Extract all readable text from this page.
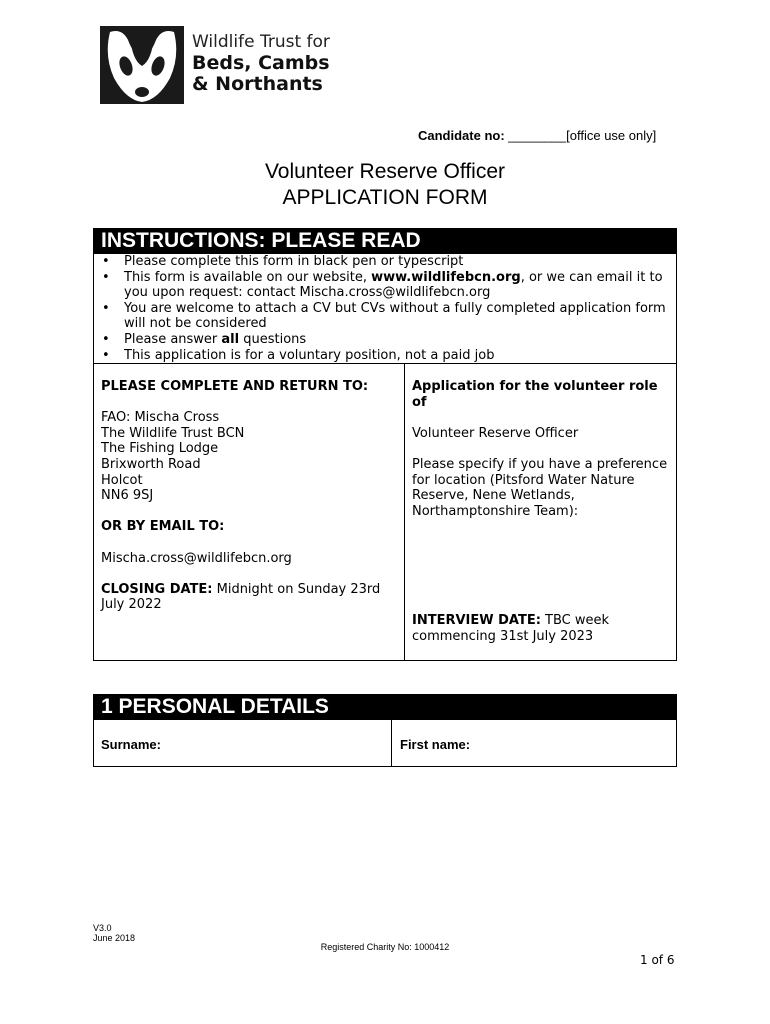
Wildlife Trust for
Beds, Cambs
& Northants
Candidate no: ________[office use only]
Volunteer Reserve Officer
APPLICATION FORM
INSTRUCTIONS: PLEASE READ
• Please complete this form in black pen or typescript
• This form is available on our website, www.wildlifebcn.org, or we can email it to you upon request: contact Mischa.cross@wildlifebcn.org
• You are welcome to attach a CV but CVs without a fully completed application form will not be considered
• Please answer all questions
• This application is for a voluntary position, not a paid job
PLEASE COMPLETE AND RETURN TO:
FAO: Mischa Cross
The Wildlife Trust BCN
The Fishing Lodge
Brixworth Road
Holcot
NN6 9SJ
OR BY EMAIL TO:
Mischa.cross@wildlifebcn.org
CLOSING DATE: Midnight on Sunday 23rd July 2022
Application for the volunteer role of
Volunteer Reserve Officer
Please specify if you have a preference for location (Pitsford Water Nature Reserve, Nene Wetlands, Northamptonshire Team):
INTERVIEW DATE: TBC week commencing 31st July 2023
1 PERSONAL DETAILS
Surname:	First name:
V3.0
June 2018
Registered Charity No: 1000412
1 of 6
